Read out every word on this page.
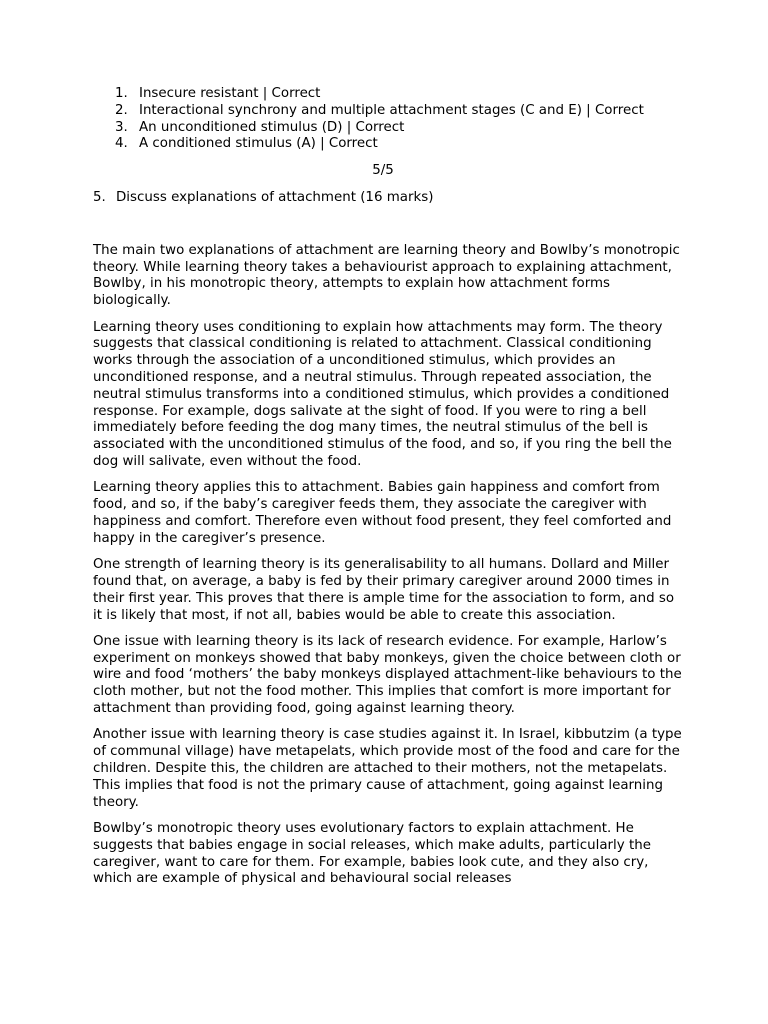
1. Insecure resistant | Correct
2. Interactional synchrony and multiple attachment stages (C and E) | Correct
3. An unconditioned stimulus (D) | Correct
4. A conditioned stimulus (A) | Correct
5/5
5. Discuss explanations of attachment (16 marks)

The main two explanations of attachment are learning theory and Bowlby’s monotropic theory. While learning theory takes a behaviourist approach to explaining attachment, Bowlby, in his monotropic theory, attempts to explain how attachment forms biologically.

Learning theory uses conditioning to explain how attachments may form. The theory suggests that classical conditioning is related to attachment. Classical conditioning works through the association of a unconditioned stimulus, which provides an unconditioned response, and a neutral stimulus. Through repeated association, the neutral stimulus transforms into a conditioned stimulus, which provides a conditioned response. For example, dogs salivate at the sight of food. If you were to ring a bell immediately before feeding the dog many times, the neutral stimulus of the bell is associated with the unconditioned stimulus of the food, and so, if you ring the bell the dog will salivate, even without the food.

Learning theory applies this to attachment. Babies gain happiness and comfort from food, and so, if the baby’s caregiver feeds them, they associate the caregiver with happiness and comfort. Therefore even without food present, they feel comforted and happy in the caregiver’s presence.

One strength of learning theory is its generalisability to all humans. Dollard and Miller found that, on average, a baby is fed by their primary caregiver around 2000 times in their first year. This proves that there is ample time for the association to form, and so it is likely that most, if not all, babies would be able to create this association.

One issue with learning theory is its lack of research evidence. For example, Harlow’s experiment on monkeys showed that baby monkeys, given the choice between cloth or wire and food ‘mothers’ the baby monkeys displayed attachment-like behaviours to the cloth mother, but not the food mother. This implies that comfort is more important for attachment than providing food, going against learning theory.

Another issue with learning theory is case studies against it. In Israel, kibbutzim (a type of communal village) have metapelats, which provide most of the food and care for the children. Despite this, the children are attached to their mothers, not the metapelats. This implies that food is not the primary cause of attachment, going against learning theory.

Bowlby’s monotropic theory uses evolutionary factors to explain attachment. He suggests that babies engage in social releases, which make adults, particularly the caregiver, want to care for them. For example, babies look cute, and they also cry, which are example of physical and behavioural social releases
